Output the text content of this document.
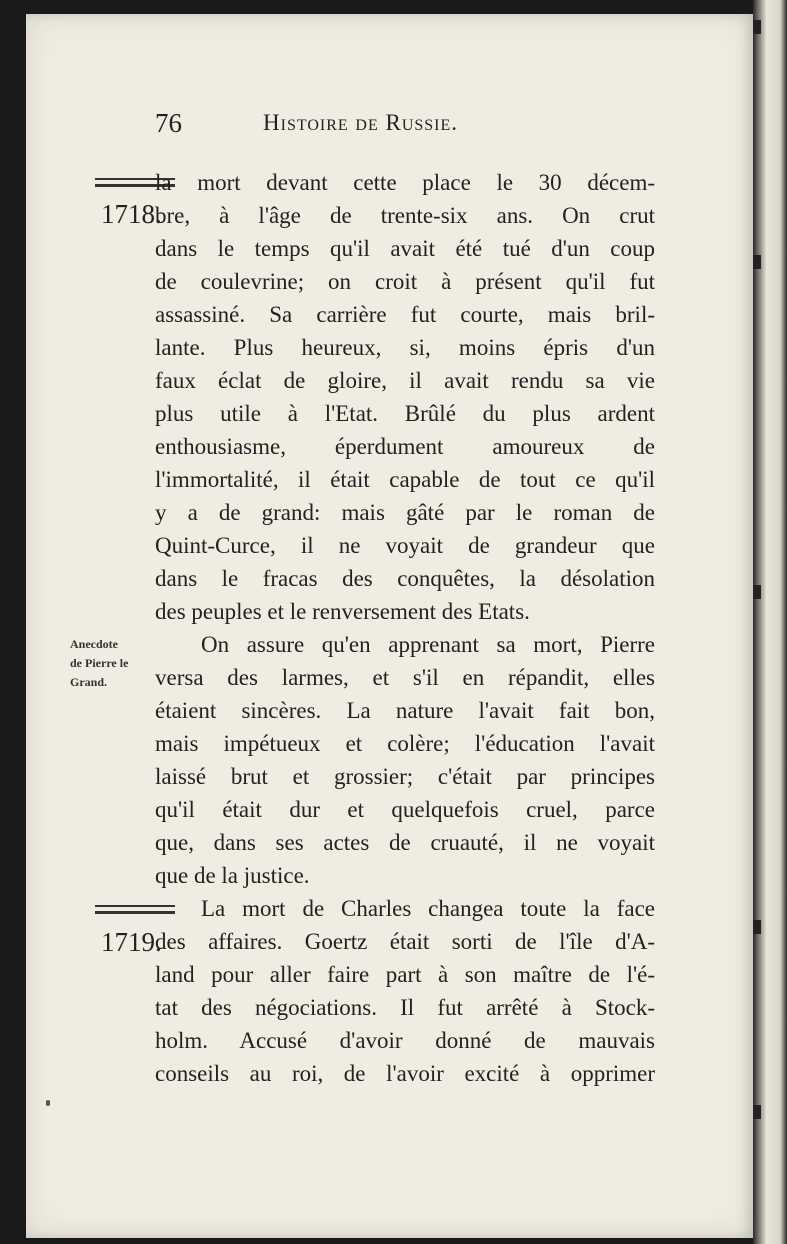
76	Histoire de Russie.
1718.
Anecdote
de Pierre le
Grand.
1719.
la mort devant cette place le 30 décem-
bre, à l'âge de trente-six ans. On crut
dans le temps qu'il avait été tué d'un coup
de coulevrine; on croit à présent qu'il fut
assassiné. Sa carrière fut courte, mais bril-
lante. Plus heureux, si, moins épris d'un
faux éclat de gloire, il avait rendu sa vie
plus utile à l'Etat. Brûlé du plus ardent
enthousiasme, éperdument amoureux de
l'immortalité, il était capable de tout ce qu'il
y a de grand: mais gâté par le roman de
Quint-Curce, il ne voyait de grandeur que
dans le fracas des conquêtes, la désolation
des peuples et le renversement des Etats.
On assure qu'en apprenant sa mort, Pierre
versa des larmes, et s'il en répandit, elles
étaient sincères. La nature l'avait fait bon,
mais impétueux et colère; l'éducation l'avait
laissé brut et grossier; c'était par principes
qu'il était dur et quelquefois cruel, parce
que, dans ses actes de cruauté, il ne voyait
que de la justice.
La mort de Charles changea toute la face
des affaires. Goertz était sorti de l'île d'A-
land pour aller faire part à son maître de l'é-
tat des négociations. Il fut arrêté à Stock-
holm. Accusé d'avoir donné de mauvais
conseils au roi, de l'avoir excité à opprimer
